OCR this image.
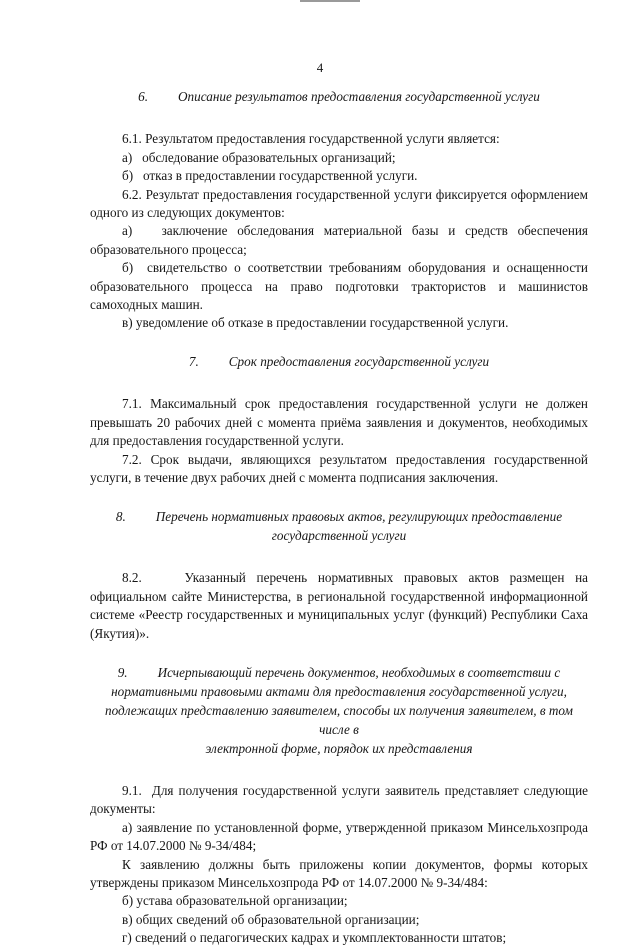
4

6. Описание результатов предоставления государственной услуги

6.1. Результатом предоставления государственной услуги является:

а)   обследование образовательных организаций;

б)   отказ в предоставлении государственной услуги.

6.2. Результат предоставления государственной услуги фиксируется оформлением одного из следующих документов:

а)   заключение обследования материальной базы и средств обеспечения образовательного процесса;

б)  свидетельство о соответствии требованиям оборудования и оснащенности образовательного процесса на право подготовки трактористов и машинистов самоходных машин.

в) уведомление об отказе в предоставлении государственной услуги.

7. Срок предоставления государственной услуги

7.1. Максимальный срок предоставления государственной услуги не должен превышать 20 рабочих дней с момента приёма заявления и документов, необходимых для предоставления государственной услуги.

7.2. Срок выдачи, являющихся результатом предоставления государственной услуги, в течение двух рабочих дней с момента подписания заключения.

8. Перечень нормативных правовых актов, регулирующих предоставление
государственной услуги

8.2.    Указанный перечень нормативных правовых актов размещен на официальном сайте Министерства, в региональной государственной информационной системе «Реестр государственных и муниципальных услуг (функций) Республики Саха (Якутия)».

9. Исчерпывающий перечень документов, необходимых в соответствии с
нормативными правовыми актами для предоставления государственной услуги,
подлежащих представлению заявителем, способы их получения заявителем, в том числе в
электронной форме, порядок их представления

9.1.  Для получения государственной услуги заявитель представляет следующие документы:

а) заявление по установленной форме, утвержденной приказом Минсельхозпрода РФ от 14.07.2000 № 9-34/484;

К заявлению должны быть приложены копии документов, формы которых утверждены приказом Минсельхозпрода РФ от 14.07.2000 № 9-34/484:

б) устава образовательной организации;

в) общих сведений об образовательной организации;

г) сведений о педагогических кадрах и укомплектованности штатов;
